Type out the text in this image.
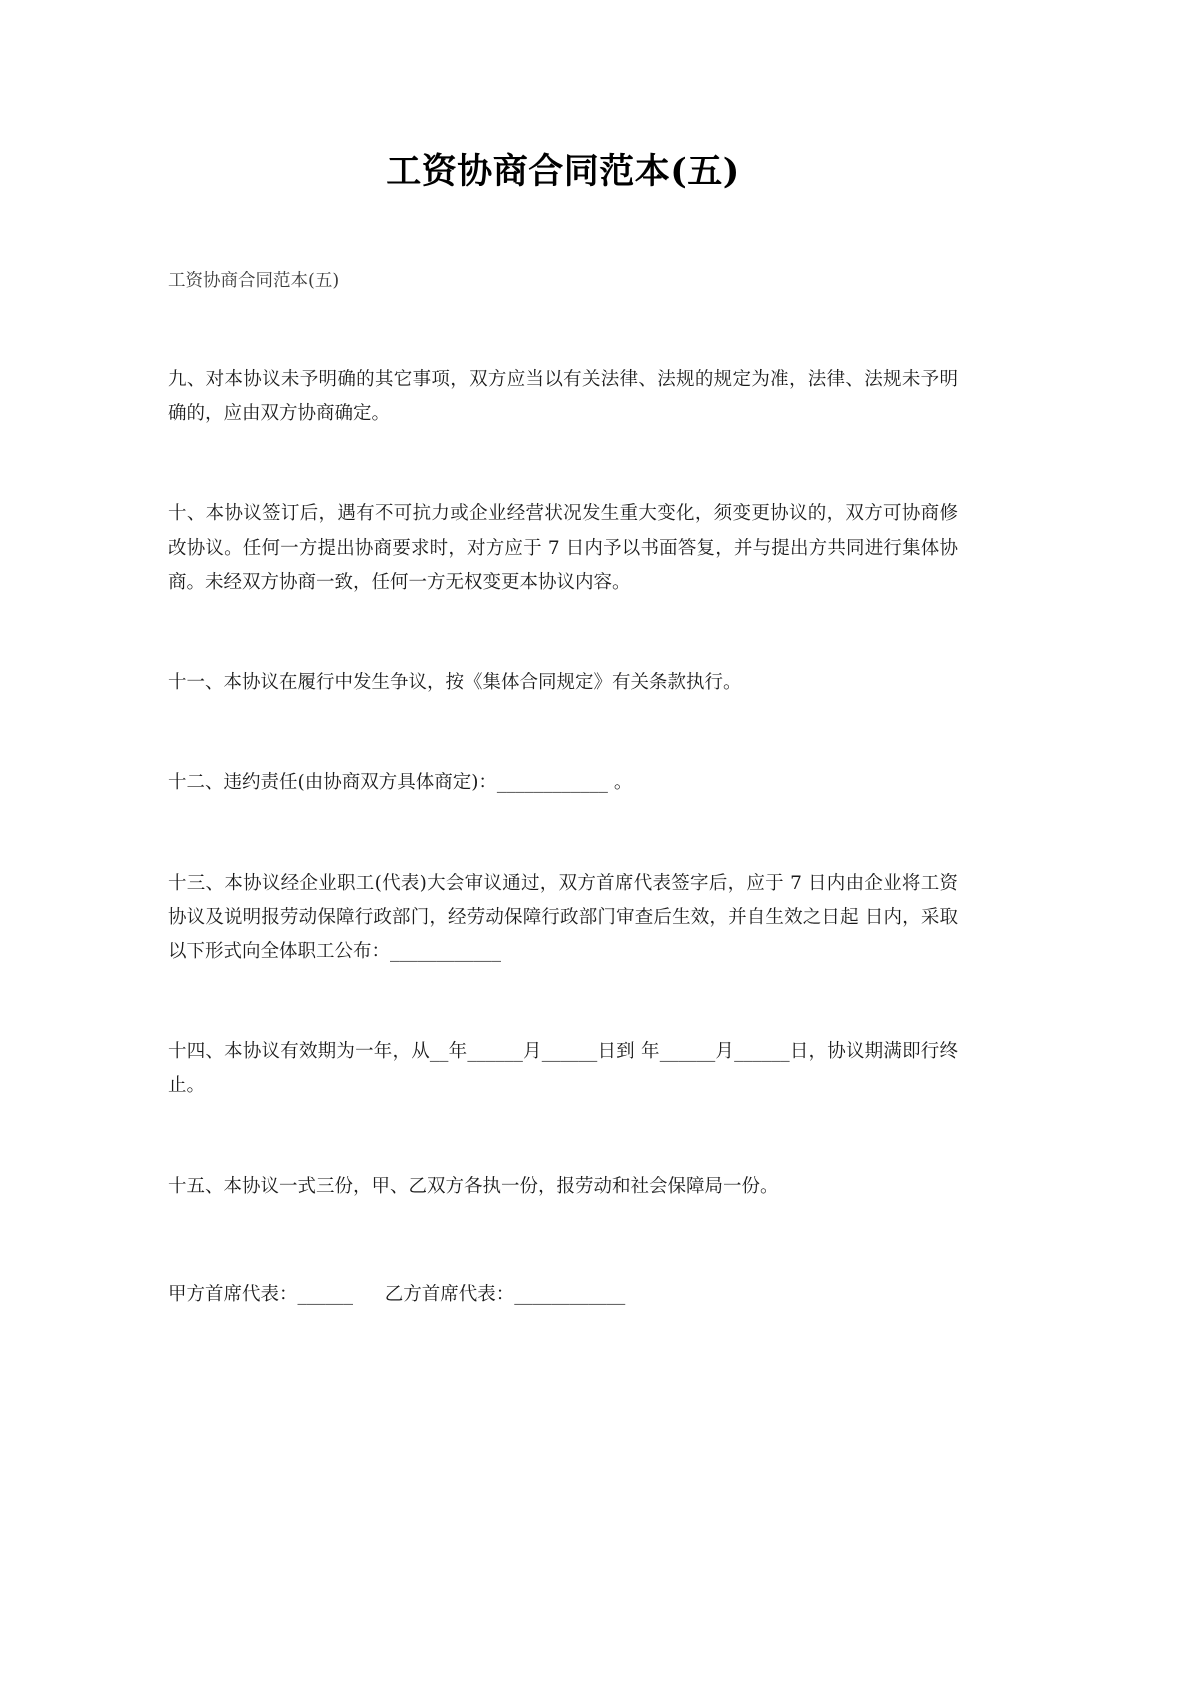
工资协商合同范本(五)

工资协商合同范本(五)

九、对本协议未予明确的其它事项，双方应当以有关法律、法规的规定为准，法律、法规未予明确的，应由双方协商确定。

十、本协议签订后，遇有不可抗力或企业经营状况发生重大变化，须变更协议的，双方可协商修改协议。任何一方提出协商要求时，对方应于 7 日内予以书面答复，并与提出方共同进行集体协商。未经双方协商一致，任何一方无权变更本协议内容。

十一、本协议在履行中发生争议，按《集体合同规定》有关条款执行。

十二、违约责任(由协商双方具体商定)：____________ 。

十三、本协议经企业职工(代表)大会审议通过，双方首席代表签字后，应于 7 日内由企业将工资协议及说明报劳动保障行政部门，经劳动保障行政部门审查后生效，并自生效之日起 日内，采取以下形式向全体职工公布：____________

十四、本协议有效期为一年，从__年______月______日到 年______月______日，协议期满即行终止。

十五、本协议一式三份，甲、乙双方各执一份，报劳动和社会保障局一份。

甲方首席代表：______ 乙方首席代表：____________
